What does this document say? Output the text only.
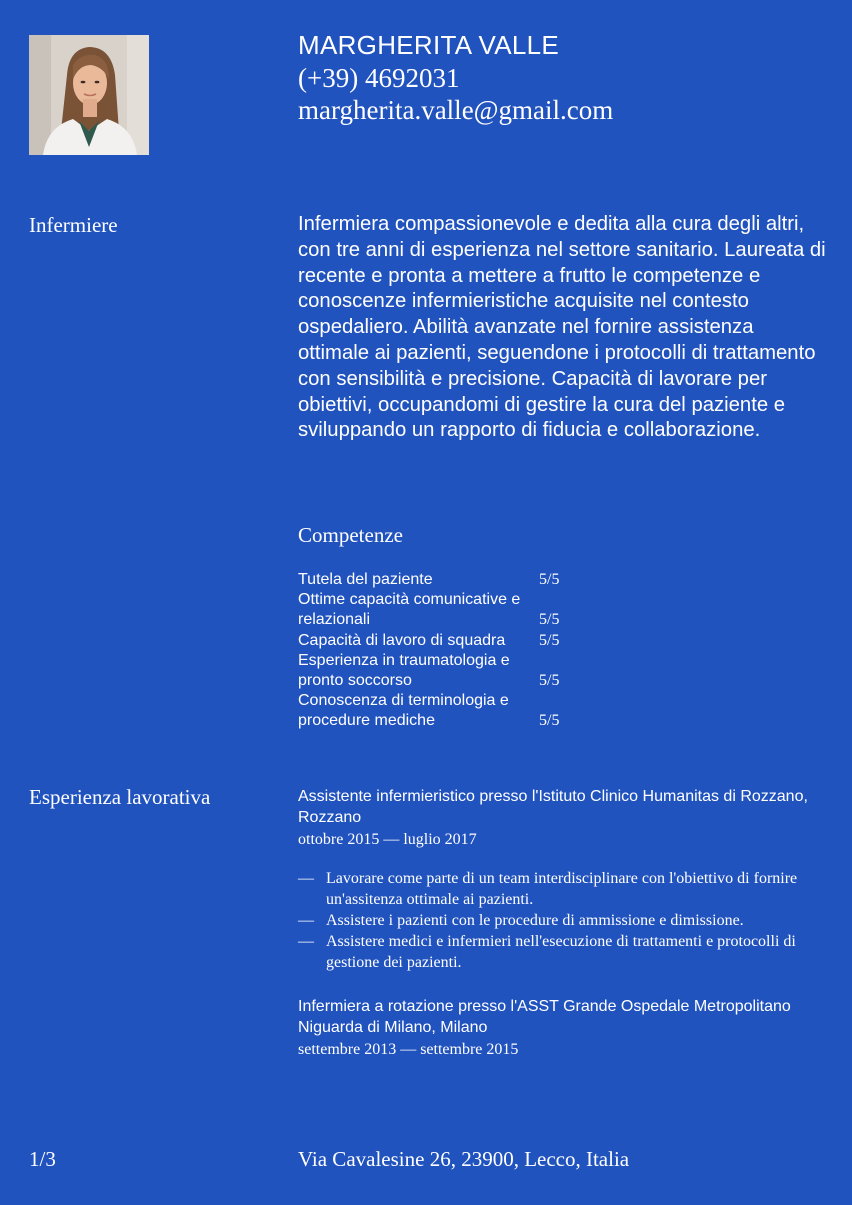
MARGHERITA VALLE
(+39) 4692031
margherita.valle@gmail.com
Infermiere	Infermiera compassionevole e dedita alla cura degli altri, con tre anni di esperienza nel settore sanitario. Laureata di recente e pronta a mettere a frutto le competenze e conoscenze infermieristiche acquisite nel contesto ospedaliero. Abilità avanzate nel fornire assistenza ottimale ai pazienti, seguendone i protocolli di trattamento con sensibilità e precisione. Capacità di lavorare per obiettivi, occupandomi di gestire la cura del paziente e sviluppando un rapporto di fiducia e collaborazione.
Competenze
Tutela del paziente	5/5
Ottime capacità comunicative e relazionali	5/5
Capacità di lavoro di squadra	5/5
Esperienza in traumatologia e pronto soccorso	5/5
Conoscenza di terminologia e procedure mediche	5/5
Esperienza lavorativa	Assistente infermieristico presso l'Istituto Clinico Humanitas di Rozzano, Rozzano
ottobre 2015 — luglio 2017
— Lavorare come parte di un team interdisciplinare con l'obiettivo di fornire un'assitenza ottimale ai pazienti.
— Assistere i pazienti con le procedure di ammissione e dimissione.
— Assistere medici e infermieri nell'esecuzione di trattamenti e protocolli di gestione dei pazienti.
Infermiera a rotazione presso l'ASST Grande Ospedale Metropolitano Niguarda di Milano, Milano
settembre 2013 — settembre 2015
1/3	Via Cavalesine 26, 23900, Lecco, Italia
